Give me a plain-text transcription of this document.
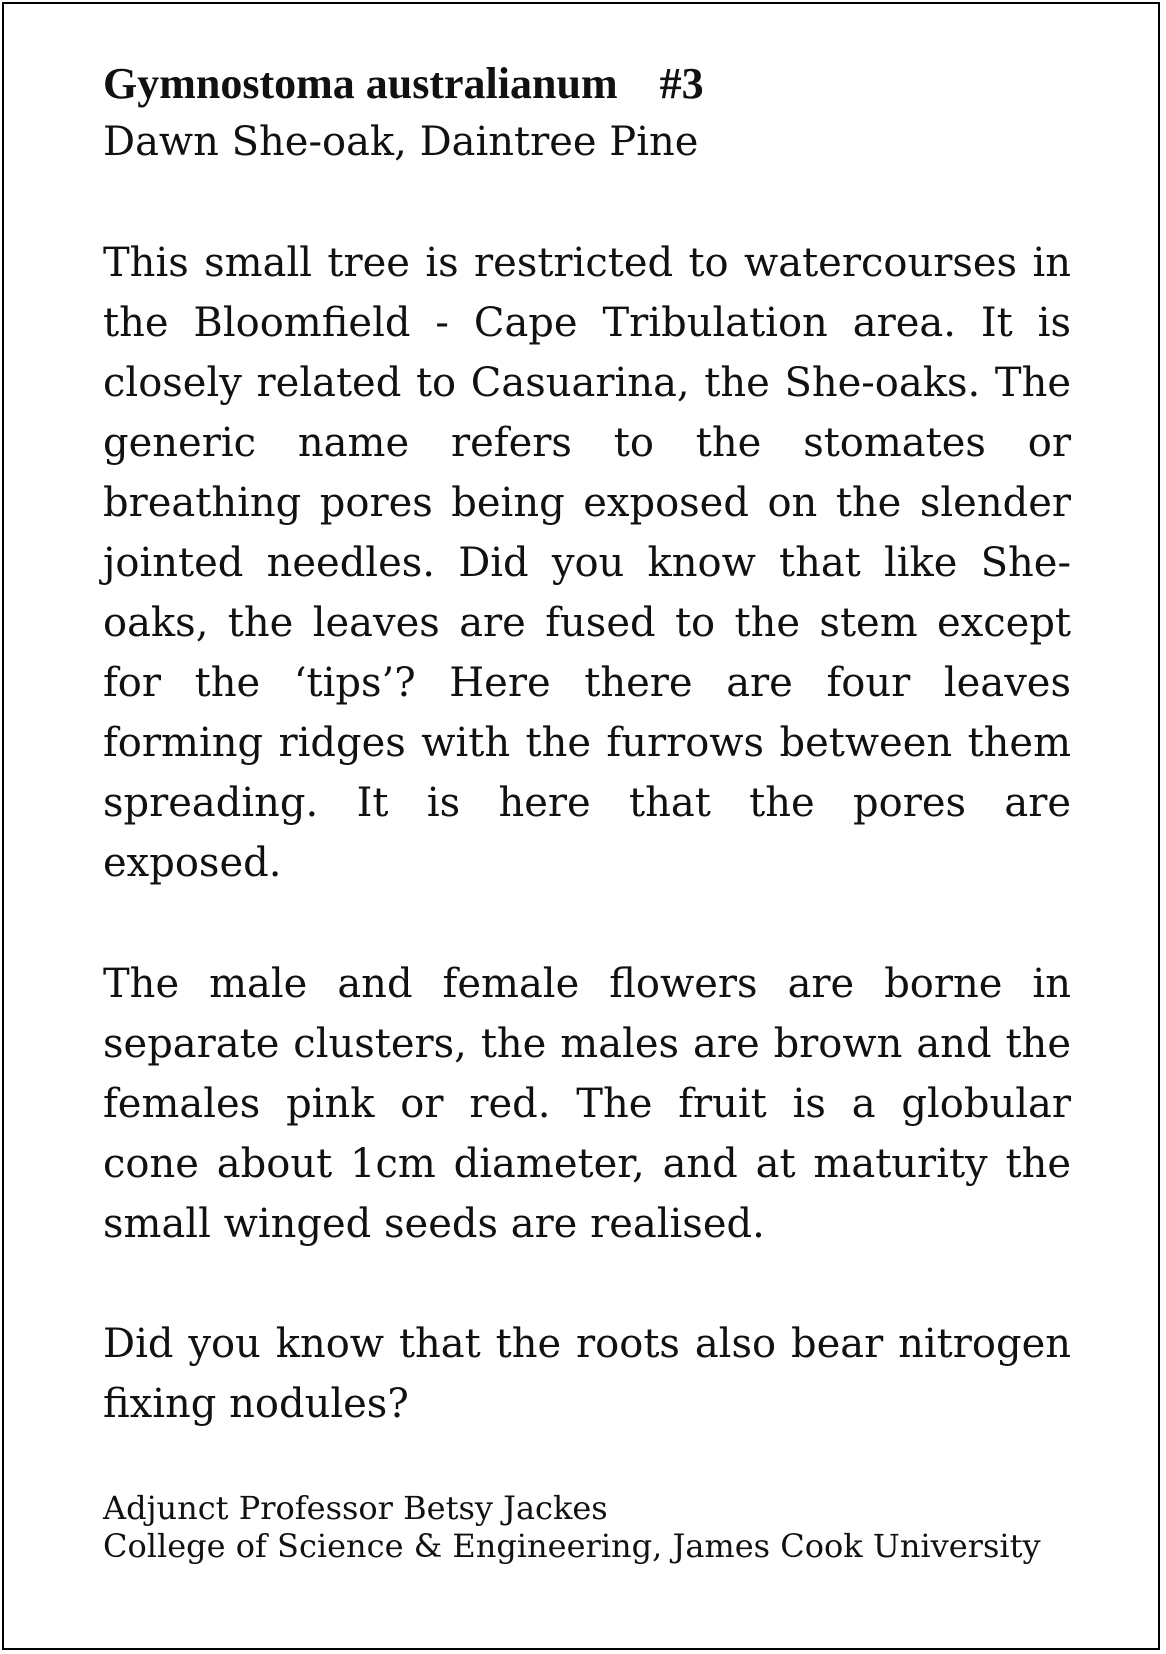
Gymnostoma australianum #3
Dawn She-oak, Daintree Pine

This small tree is restricted to watercourses in the Bloomfield - Cape Tribulation area. It is closely related to Casuarina, the She-oaks. The generic name refers to the stomates or breathing pores being exposed on the slender jointed needles. Did you know that like She-oaks, the leaves are fused to the stem except for the ‘tips’? Here there are four leaves forming ridges with the furrows between them spreading. It is here that the pores are exposed.

The male and female flowers are borne in separate clusters, the males are brown and the females pink or red. The fruit is a globular cone about 1cm diameter, and at maturity the small winged seeds are realised.

Did you know that the roots also bear nitrogen fixing nodules?

Adjunct Professor Betsy Jackes
College of Science & Engineering, James Cook University
